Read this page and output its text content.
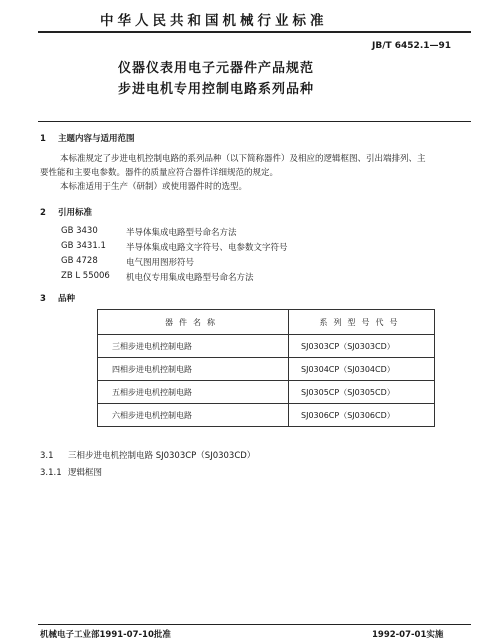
中华人民共和国机械行业标准
JB/T 6452.1—91
仪器仪表用电子元器件产品规范
步进电机专用控制电路系列品种
1 主题内容与适用范围
本标准规定了步进电机控制电路的系列品种（以下简称器件）及相应的逻辑框图、引出端排列、主
要性能和主要电参数。器件的质量应符合器件详细规范的规定。
本标准适用于生产（研制）或使用器件时的选型。
2 引用标准
GB 3430	半导体集成电路型号命名方法
GB 3431.1	半导体集成电路文字符号、电参数文字符号
GB 4728	电气图用图形符号
ZB L 55006	机电仪专用集成电路型号命名方法
3 品种
器件名称	系列型号代号
三相步进电机控制电路	SJ0303CP（SJ0303CD）
四相步进电机控制电路	SJ0304CP（SJ0304CD）
五相步进电机控制电路	SJ0305CP（SJ0305CD）
六相步进电机控制电路	SJ0306CP（SJ0306CD）
3.1 三相步进电机控制电路 SJ0303CP（SJ0303CD）
3.1.1 逻辑框图
机械电子工业部1991-07-10批准	1992-07-01实施
